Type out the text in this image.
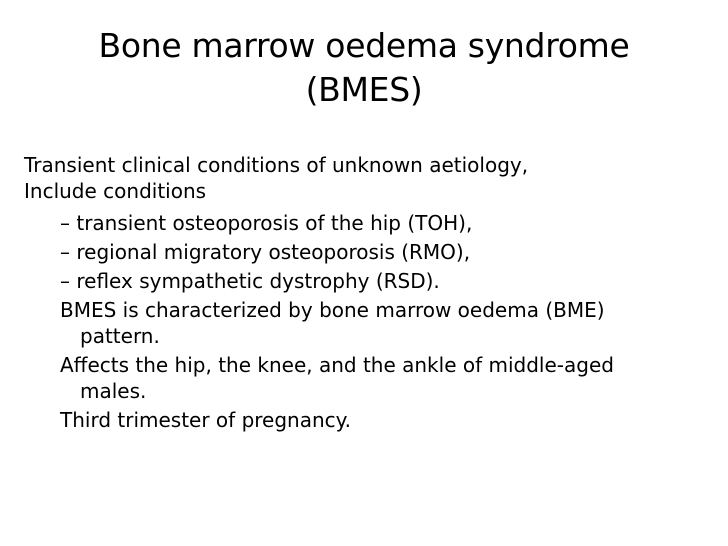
Bone marrow oedema syndrome
(BMES)
Transient clinical conditions of unknown aetiology,
Include conditions
– transient osteoporosis of the hip (TOH),
– regional migratory osteoporosis (RMO),
– reflex sympathetic dystrophy (RSD).
BMES is characterized by bone marrow oedema (BME)
pattern.
Affects the hip, the knee, and the ankle of middle-aged
males.
Third trimester of pregnancy.
